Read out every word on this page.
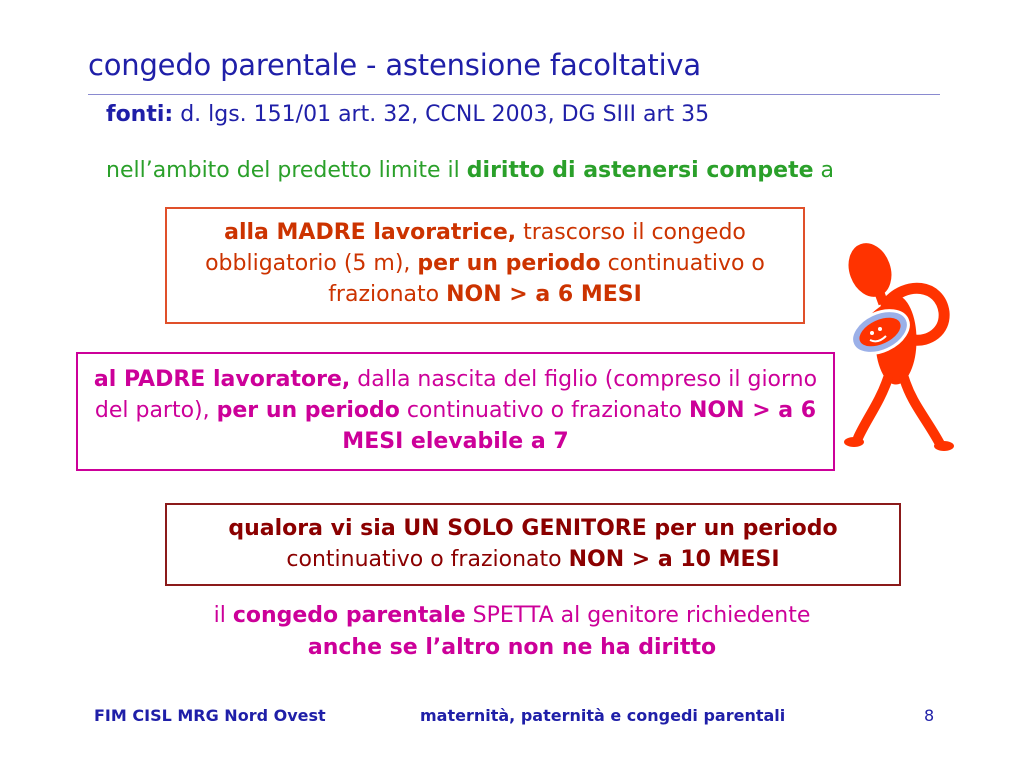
congedo parentale - astensione facoltativa
fonti: d. lgs. 151/01 art. 32, CCNL 2003, DG SIII art 35
nell’ambito del predetto limite il diritto di astenersi compete a
alla MADRE lavoratrice, trascorso il congedo obbligatorio (5 m), per un periodo continuativo o frazionato NON > a 6 MESI
al PADRE lavoratore, dalla nascita del figlio (compreso il giorno del parto), per un periodo continuativo o frazionato NON > a 6 MESI elevabile a 7
qualora vi sia UN SOLO GENITORE per un periodo
continuativo o frazionato NON > a 10 MESI
il congedo parentale SPETTA al genitore richiedente
anche se l’altro non ne ha diritto
FIM CISL MRG Nord Ovest	maternità, paternità e congedi parentali	8
